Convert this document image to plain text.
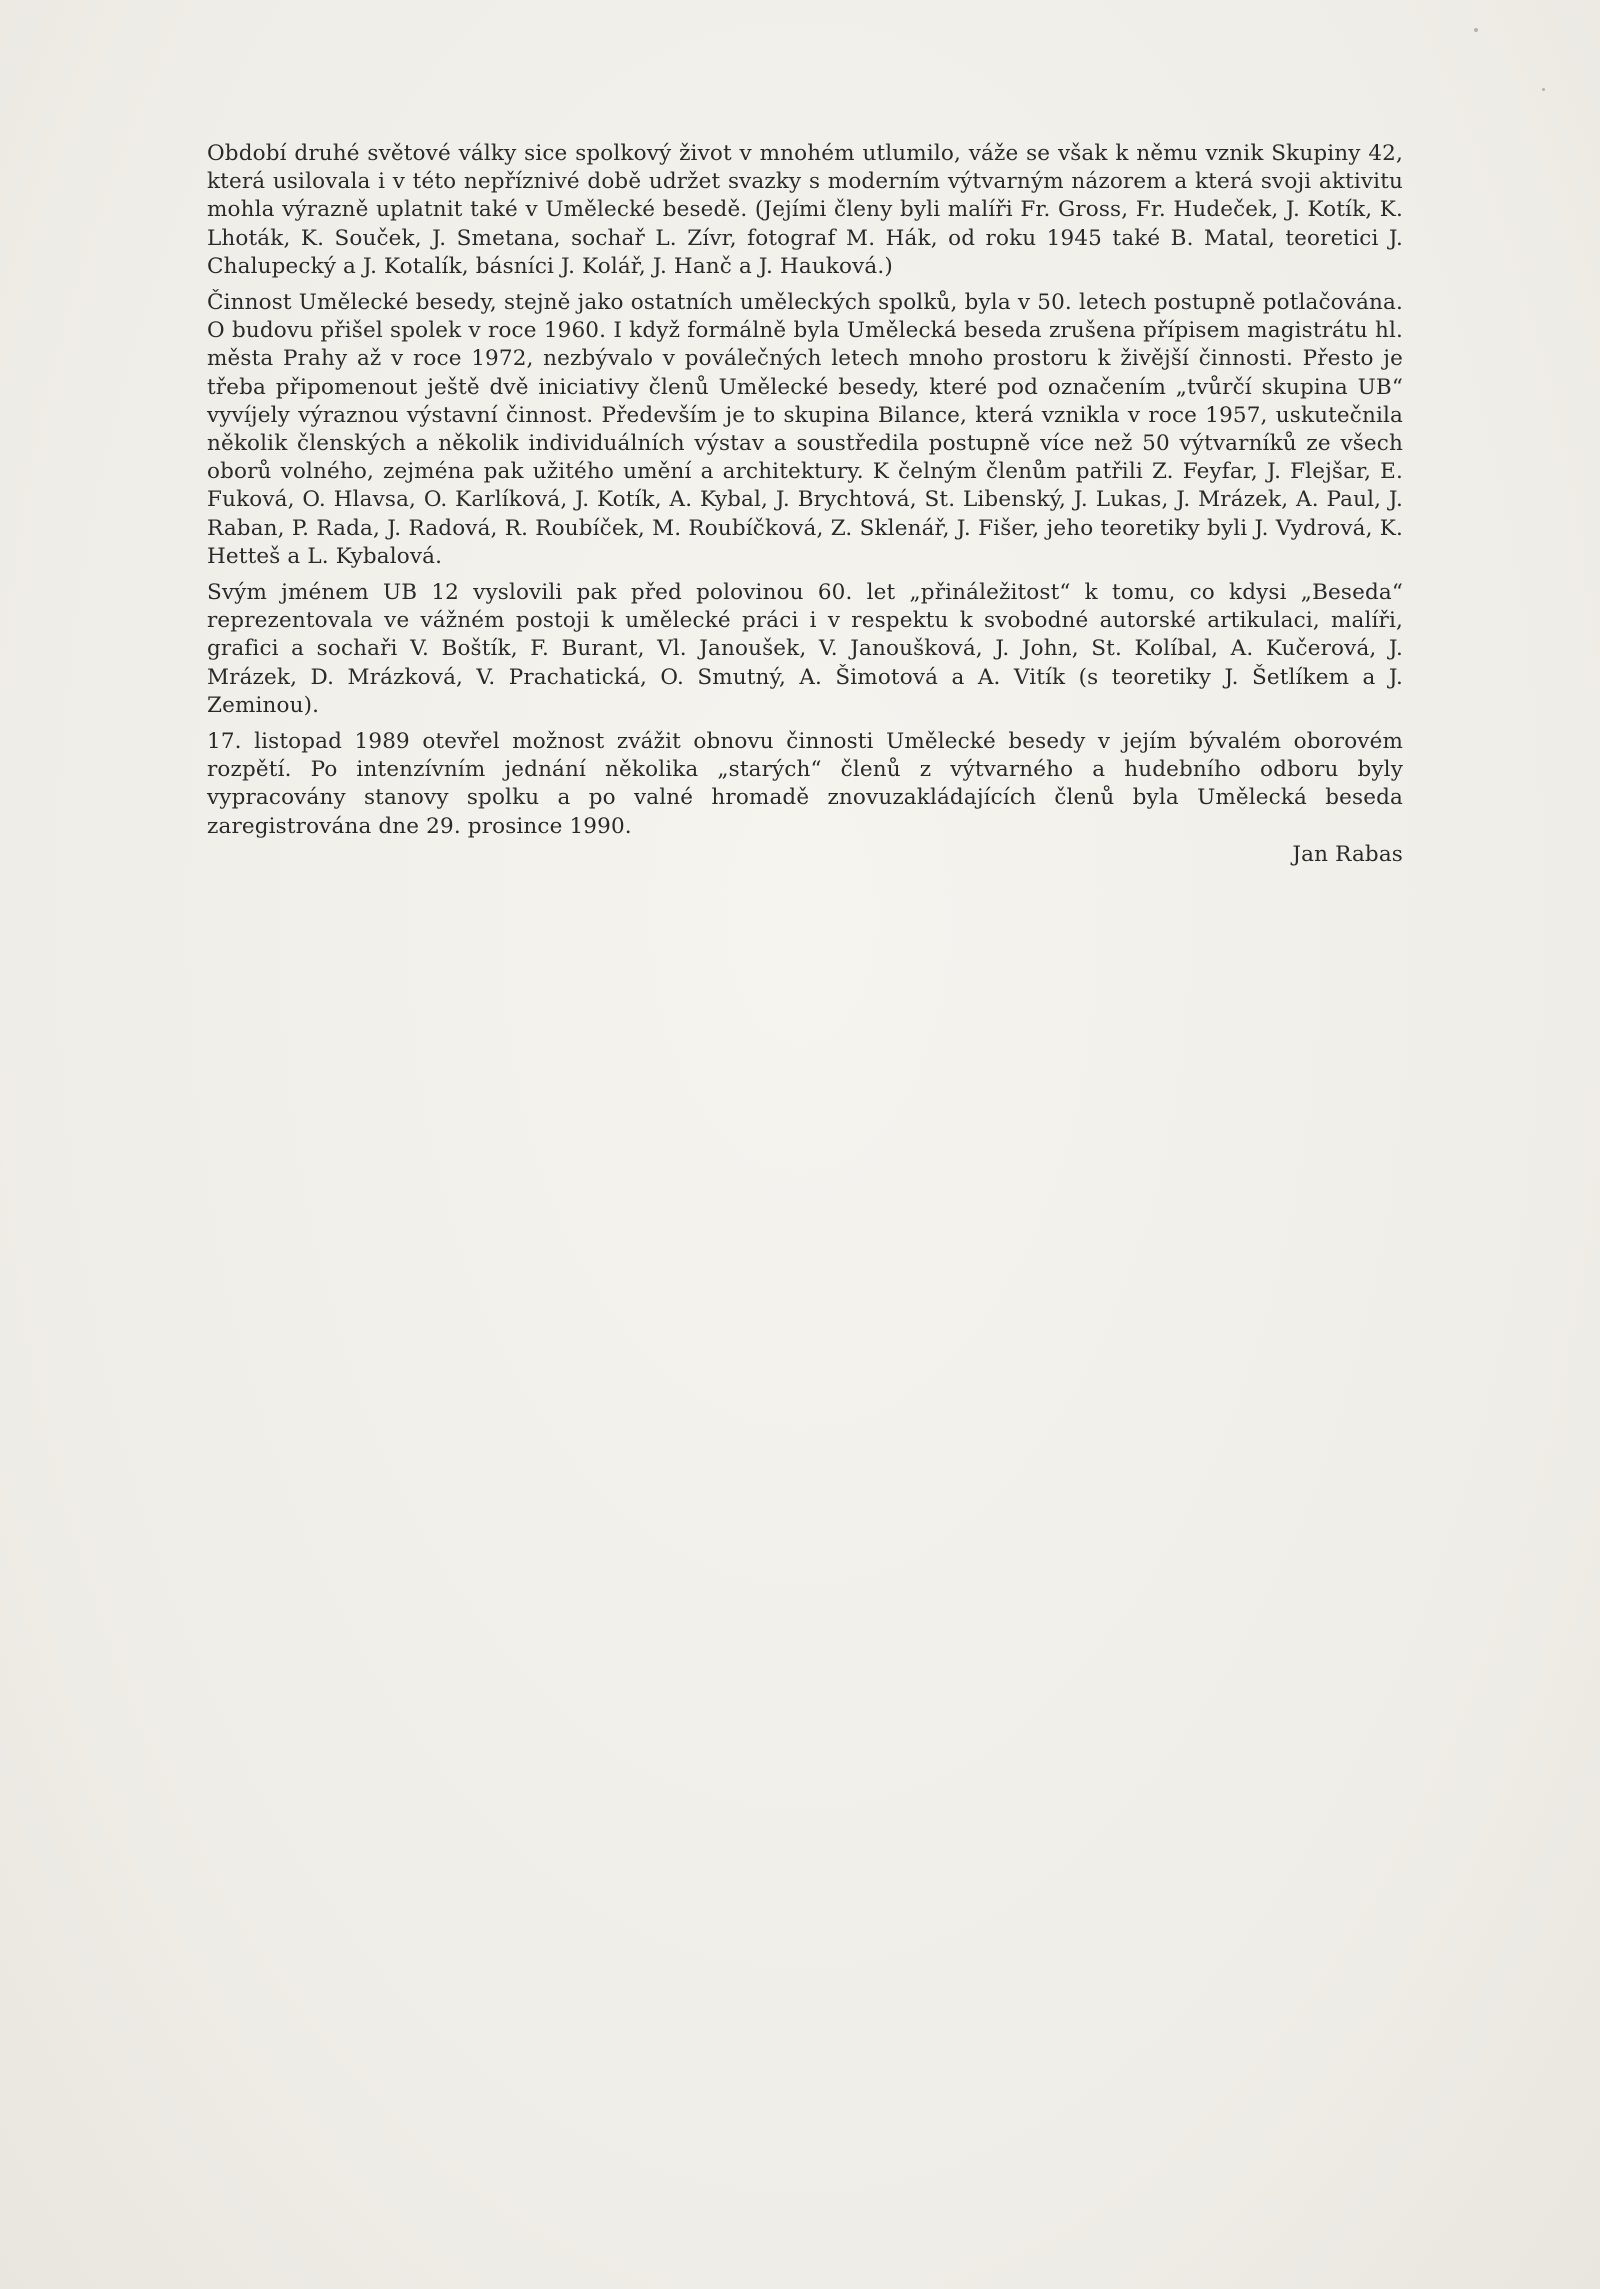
Období druhé světové války sice spolkový život v mnohém utlumilo, váže se však k němu vznik Skupiny 42, která usilovala i v této nepříznivé době udržet svazky s moderním výtvarným názorem a která svoji aktivitu mohla výrazně uplatnit také v Umělecké besedě. (Jejími členy byli malíři Fr. Gross, Fr. Hudeček, J. Kotík, K. Lhoták, K. Souček, J. Smetana, sochař L. Zívr, fotograf M. Hák, od roku 1945 také B. Matal, teoretici J. Chalupecký a J. Kotalík, básníci J. Kolář, J. Hanč a J. Hauková.)

Činnost Umělecké besedy, stejně jako ostatních uměleckých spolků, byla v 50. letech postupně potlačována. O budovu přišel spolek v roce 1960. I když formálně byla Umělecká beseda zrušena přípisem magistrátu hl. města Prahy až v roce 1972, nezbývalo v poválečných letech mnoho prostoru k živější činnosti. Přesto je třeba připomenout ještě dvě iniciativy členů Umělecké besedy, které pod označením „tvůrčí skupina UB“ vyvíjely výraznou výstavní činnost. Především je to skupina Bilance, která vznikla v roce 1957, uskutečnila několik členských a několik individuálních výstav a soustředila postupně více než 50 výtvarníků ze všech oborů volného, zejména pak užitého umění a architektury. K čelným členům patřili Z. Feyfar, J. Flejšar, E. Fuková, O. Hlavsa, O. Karlíková, J. Kotík, A. Kybal, J. Brychtová, St. Libenský, J. Lukas, J. Mrázek, A. Paul, J. Raban, P. Rada, J. Radová, R. Roubíček, M. Roubíčková, Z. Sklenář, J. Fišer, jeho teoretiky byli J. Vydrová, K. Hetteš a L. Kybalová.

Svým jménem UB 12 vyslovili pak před polovinou 60. let „přináležitost“ k tomu, co kdysi „Beseda“ reprezentovala ve vážném postoji k umělecké práci i v respektu k svobodné autorské artikulaci, malíři, grafici a sochaři V. Boštík, F. Burant, Vl. Janoušek, V. Janoušková, J. John, St. Kolíbal, A. Kučerová, J. Mrázek, D. Mrázková, V. Prachatická, O. Smutný, A. Šimotová a A. Vitík (s teoretiky J. Šetlíkem a J. Zeminou).

17. listopad 1989 otevřel možnost zvážit obnovu činnosti Umělecké besedy v jejím bývalém oborovém rozpětí. Po intenzívním jednání několika „starých“ členů z výtvarného a hudebního odboru byly vypracovány stanovy spolku a po valné hromadě znovuzakládajících členů byla Umělecká beseda zaregistrována dne 29. prosince 1990.

Jan Rabas
